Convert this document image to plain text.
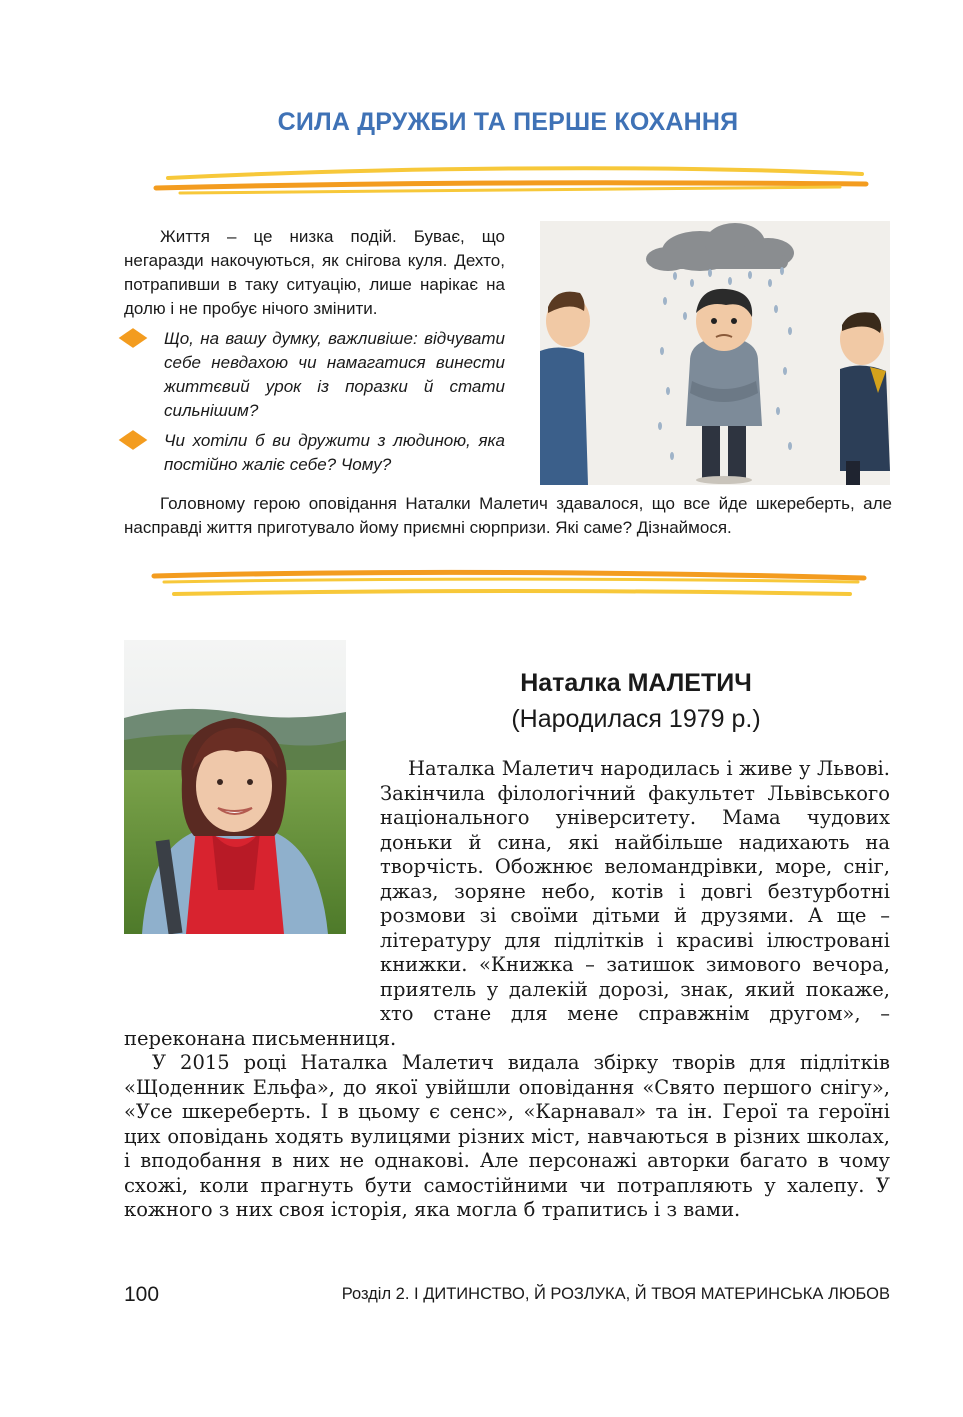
СИЛА ДРУЖБИ ТА ПЕРШЕ КОХАННЯ

Життя – це низка подій. Буває, що негаразди накочуються, як снігова куля. Дехто, потрапивши в таку ситуацію, лише нарікає на долю і не пробує нічого змінити.

Що, на вашу думку, важливіше: відчувати себе невдахою чи намагатися винести життєвий урок із поразки й стати сильнішим?
Чи хотіли б ви дружити з людиною, яка постійно жаліє себе? Чому?
Головному герою оповідання Наталки Малетич здавалося, що все йде шкереберть, але насправді життя приготувало йому приємні сюрпризи. Які саме? Дізнаймося.
Наталка МАЛЕТИЧ
(Народилася 1979 р.)

Наталка Малетич народилась і живе у Львові. Закінчила філологічний факультет Львівського національного університету. Мама чудових доньки й сина, які найбільше надихають на творчість. Обожнює веломандрівки, море, сніг, джаз, зоряне небо, котів і довгі безтурботні розмови зі своїми дітьми й друзями. А ще – літературу для підлітків і красиві ілюстровані книжки. «Книжка – затишок зимового вечора, приятель у далекій дорозі, знак, який покаже, хто стане для мене справжнім другом», – переконана письменниця.

У 2015 році Наталка Малетич видала збірку творів для підлітків «Щоденник Ельфа», до якої увійшли оповідання «Свято першого снігу», «Усе шкереберть. І в цьому є сенс», «Карнавал» та ін. Герої та героїні цих оповідань ходять вулицями різних міст, навчаються в різних школах, і вподобання в них не однакові. Але персонажі авторки багато в чому схожі, коли прагнуть бути самостійними чи потрапляють у халепу. У кожного з них своя історія, яка могла б трапитись і з вами.

100	Розділ 2. І ДИТИНСТВО, Й РОЗЛУКА, Й ТВОЯ МАТЕРИНСЬКА ЛЮБОВ
